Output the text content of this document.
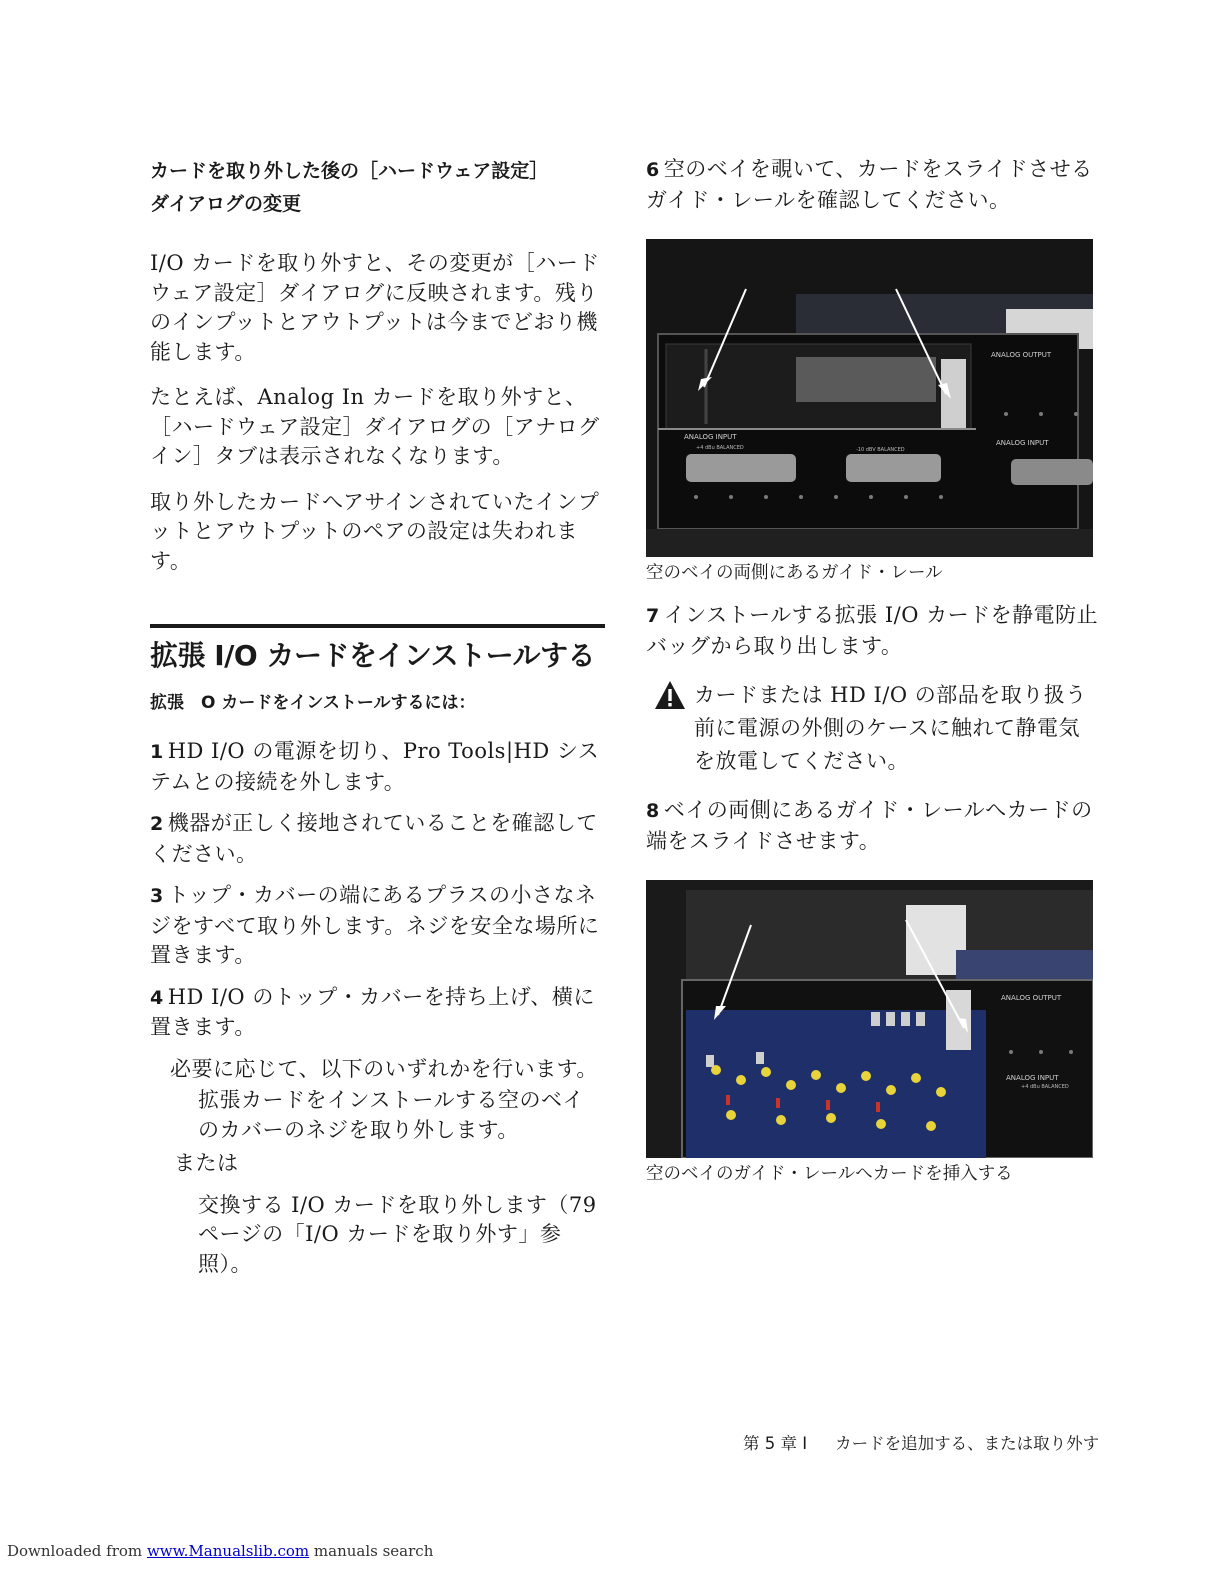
カードを取り外した後の［ハードウェア設定］

ダイアログの変更

I/O カードを取り外すと、その変更が［ハードウェア設定］ダイアログに反映されます。残りのインプットとアウトプットは今までどおり機能します。

たとえば、Analog In カードを取り外すと、［ハードウェア設定］ダイアログの［アナログ イン］タブは表示されなくなります。

取り外したカードへアサインされていたインプットとアウトプットのペアの設定は失われます。

拡張 I/O カードをインストールする

拡張　O カードをインストールするには：

1 HD I/O の電源を切り、Pro Tools|HD システムとの接続を外します。

2 機器が正しく接地されていることを確認してください。

3 トップ・カバーの端にあるプラスの小さなネジをすべて取り外します。ネジを安全な場所に置きます。

4 HD I/O のトップ・カバーを持ち上げ、横に置きます。

必要に応じて、以下のいずれかを行います。

拡張カードをインストールする空のベイのカバーのネジを取り外します。

または

交換する I/O カードを取り外します（79 ページの「I/O カードを取り外す」参照）。

6 空のベイを覗いて、カードをスライドさせるガイド・レールを確認してください。

ANALOG OUTPUT
ANALOG INPUT
+4 dBu BALANCED	-10 dBV BALANCED
ANALOG INPUT

空のベイの両側にあるガイド・レール

7 インストールする拡張 I/O カードを静電防止バッグから取り出します。

カードまたは HD I/O の部品を取り扱う前に電源の外側のケースに触れて静電気を放電してください。

8 ベイの両側にあるガイド・レールへカードの端をスライドさせます。

ANALOG OUTPUT
ANALOG INPUT
+4 dBu BALANCED

空のベイのガイド・レールへカードを挿入する

第 5 章 I カードを追加する、または取り外す
Downloaded from www.Manualslib.com manuals search
